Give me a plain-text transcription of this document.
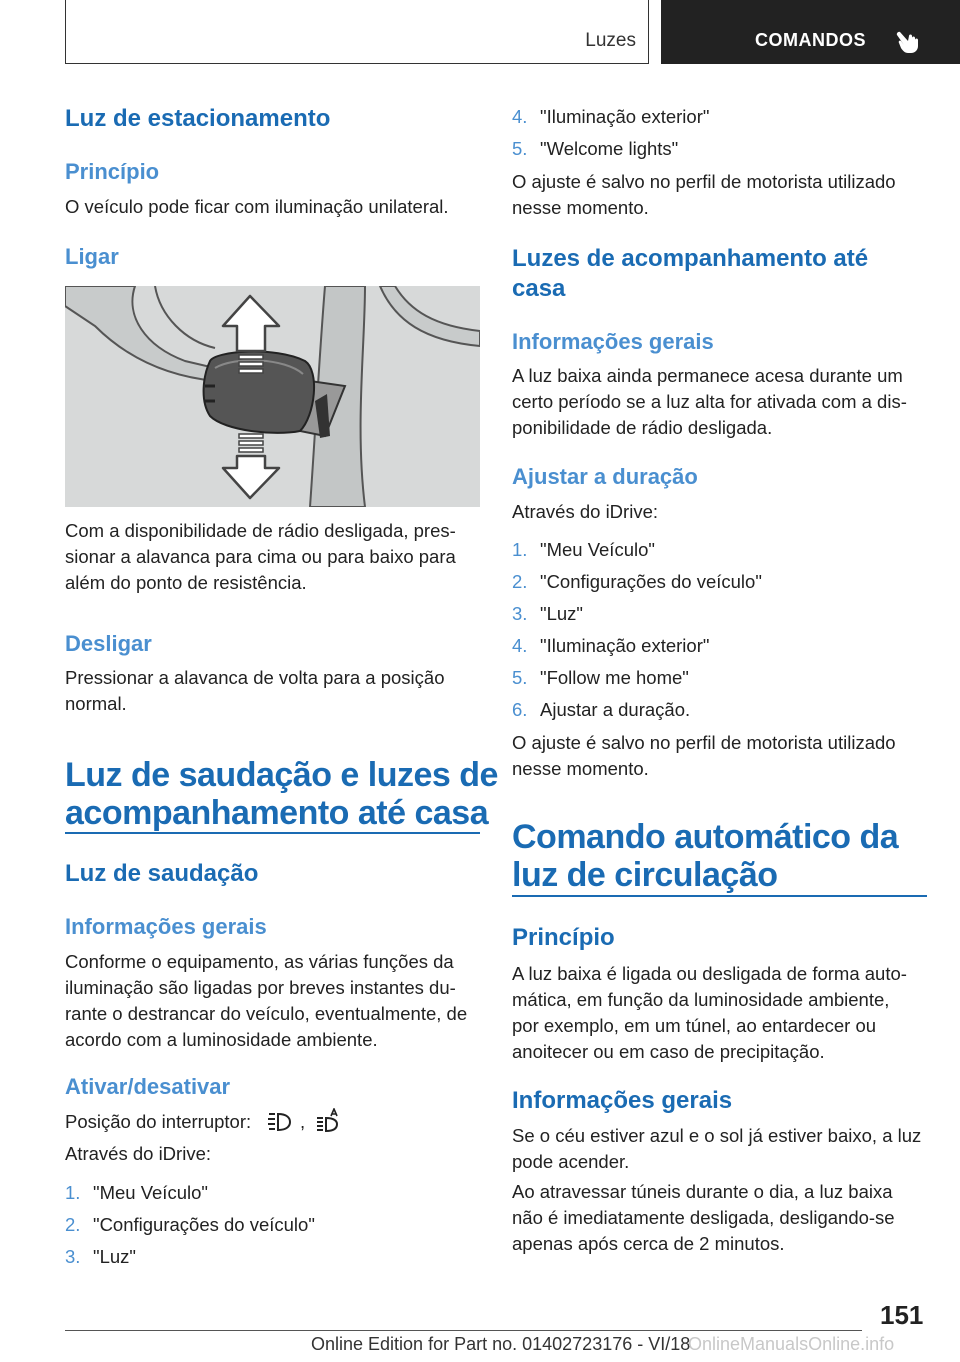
Luzes	COMANDOS
Luz de estacionamento
Princípio
O veículo pode ficar com iluminação unilateral.
Ligar
Com a disponibilidade de rádio desligada, pres‐
sionar a alavanca para cima ou para baixo para
além do ponto de resistência.
Desligar
Pressionar a alavanca de volta para a posição
normal.
Luz de saudação e luzes de
acompanhamento até casa
Luz de saudação
Informações gerais
Conforme o equipamento, as várias funções da
iluminação são ligadas por breves instantes du‐
rante o destrancar do veículo, eventualmente, de
acordo com a luminosidade ambiente.
Ativar/desativar
Posição do interruptor:	,
Através do iDrive:
1. "Meu Veículo"
2. "Configurações do veículo"
3. "Luz"
4. "Iluminação exterior"
5. "Welcome lights"
O ajuste é salvo no perfil de motorista utilizado
nesse momento.
Luzes de acompanhamento até
casa
Informações gerais
A luz baixa ainda permanece acesa durante um
certo período se a luz alta for ativada com a dis‐
ponibilidade de rádio desligada.
Ajustar a duração
Através do iDrive:
1. "Meu Veículo"
2. "Configurações do veículo"
3. "Luz"
4. "Iluminação exterior"
5. "Follow me home"
6. Ajustar a duração.
O ajuste é salvo no perfil de motorista utilizado
nesse momento.
Comando automático da
luz de circulação
Princípio
A luz baixa é ligada ou desligada de forma auto‐
mática, em função da luminosidade ambiente,
por exemplo, em um túnel, ao entardecer ou
anoitecer ou em caso de precipitação.
Informações gerais
Se o céu estiver azul e o sol já estiver baixo, a luz
pode acender.
Ao atravessar túneis durante o dia, a luz baixa
não é imediatamente desligada, desligando-se
apenas após cerca de 2 minutos.
151
Online Edition for Part no. 01402723176 - VI/18
OnlineManualsOnline.info
